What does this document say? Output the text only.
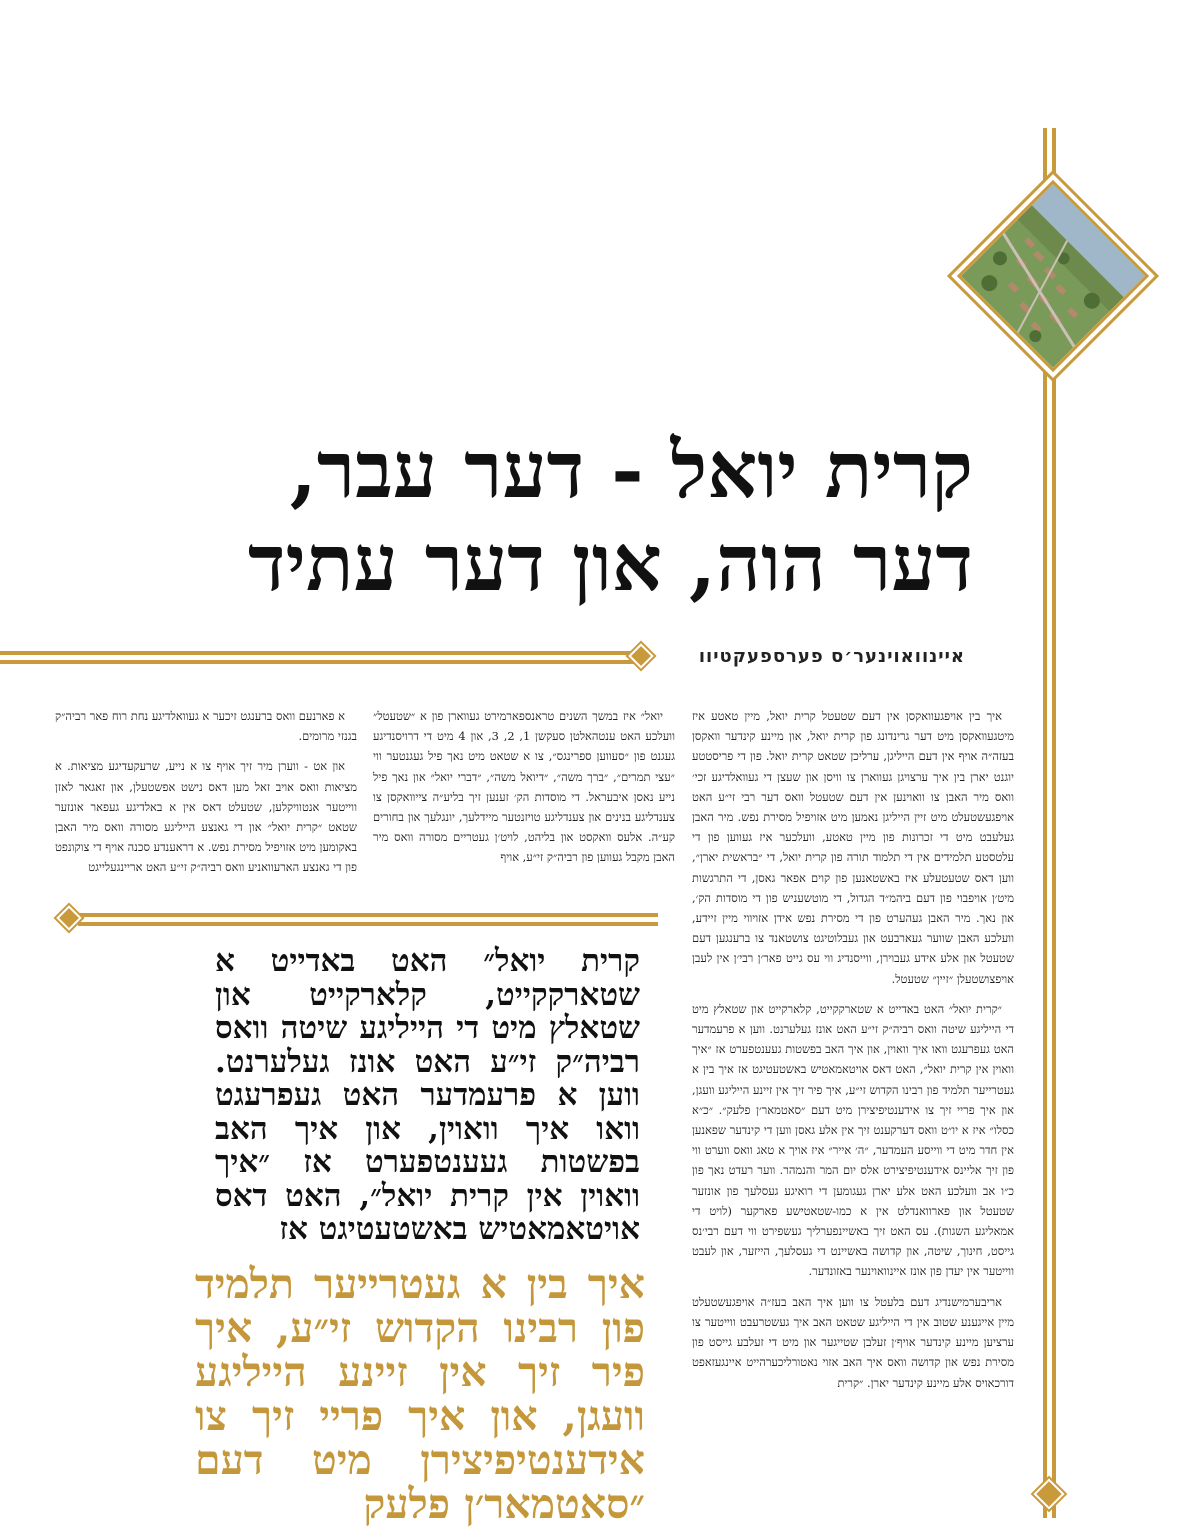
קרית יואל - דער עבר,
דער הוה, און דער עתיד
איינוואוינער׳ס פערספעקטיוו

איך בין אויפגעוואקסן אין דעם שטעטל קרית יואל, מיין טאטע איז מיטגעוואקסן מיט דער גרינדונג פון קרית יואל, און מיינע קינדער וואקסן בעזה״ה אויף אין דעם הייליגן, ערליכן שטאט קרית יואל. פון די פריסטטע יוגנט יארן בין איך ערצויגן געווארן צו וויסן און שעצן די געוואלדיגע זכי׳ וואס מיר האבן צו וואוינען אין דעם שטעטל וואס דער רבי זי״ע האט אויפגעשטעלט מיט זיין הייליגן נאמען מיט אזויפיל מסירת נפש. מיר האבן געלעבט מיט די זכרונות פון מיין טאטע, וועלכער איז געווען פון די עלטסטע תלמידים אין די תלמוד תורה פון קרית יואל, די ״בראשית יארן״, ווען דאס שטעטעלע איז באשטאנען פון קוים אפאר גאסן, די התרגשות מיט׳ן אויפבוי פון דעם ביהמ״ד הגדול, די מוטשעניש פון די מוסדות הק׳, און נאך. מיר האבן געהערט פון די מסירת נפש אידן אזויווי מיין זיידע, וועלכע האבן שווער געארבעט און געבלוטיגט צושטאנד צו ברענגען דעם שטעטל און אלע אידע געבוירן, ווייסנדיג ווי עס גייט פאר׳ן רבי׳ן אין לעבן אויפצושטעלן ״זיין״ שטעטל.

״קרית יואל״ האט באדייט א שטארקקייט, קלארקייט און שטאלץ מיט די הייליגע שיטה וואס רביה״ק זי״ע האט אונז געלערנט. ווען א פרעמדער האט געפרעגט וואו איך וואוין, און איך האב בפשטות געענטפערט אז ״איך וואוין אין קרית יואל״, האט דאס אויטאמאטיש באשטעטיגט אז איך בין א געטרייער תלמיד פון רבינו הקדוש זי״ע, איך פיר זיך אין זיינע הייליגע וועגן, און איך פריי זיך צו אידענטיפיצירן מיט דעם ״סאטמאר׳ן פלעק״. ״כ״א כסלו״ איז א יו״ט וואס דערקענט זיך אין אלע גאסן ווען די קינדער שפאנען אין חדר מיט די ווייסע העמדער, ״ה׳ אייר״ איז אויך א טאג וואס ווערט ווי פון זיך אליינס אידענטיפיצירט אלס יום המר והנמהר. ווער רעדט נאך פון כ״ו אב וועלכע האט אלע יארן געגומען די רואיגע געסלעך פון אונזער שטעטל און פארוואנדלט אין א כמו-שטאטישע פארקער (לויט די אמאליגע השגות). עס האט זיך באשיינפערליך געשפירט ווי דעם רבי׳נס גייסט, חינוך, שיטה, און קדושה באשיינט די געסלעך, הייזער, און לעבט ווייטער אין יעדן פון אונז איינוואוינער באזונדער.

אריבערמישנדיג דעם בלעטל צו ווען איך האב בעז״ה אויפגעשטעלט מיין אייגענע שטוב אין די הייליגע שטאט האב איך געשטרעבט ווייטער צו ערציען מיינע קינדער אויף׳ן זעלבן שטייגער און מיט די זעלבע גייסט פון מסירת נפש און קדושה וואס איך האב אזוי נאטורליכערהייט איינגעזאפט דורכאויס אלע מיינע קינדער יארן. ״קרית

יואל״ איז במשך השנים טראנספארמירט געווארן פון א ״שטעטל״ וועלכע האט ענטהאלטן סעקשן 1, 2, 3, און 4 מיט די דרויסנדיגע געגנט פון ״סעווען ספרינגס״, צו א שטאט מיט נאך פיל געגנטער ווי ״עצי תמרים״, ״ברך משה״, ״דיואל משה״, ״דברי יואל״ און נאך פיל נייע נאסן איבעראל. די מוסדות הק׳ זענען זיך בליע״ה צייוואקסן צו צענדליגע בנינים און צענדליגע טויזנטער מיידלעך, יונגלעך און בחורים קע״ה. אלעס וואקסט און בליהט, לויט׳ן געטריים מסורה וואס מיר האבן מקבל געווען פון רביה״ק זי״ע, אויף

א פארנעם וואס ברענגט זיכער א געוואלדיגע נחת רוח פאר רביה״ק בגנזי מרומים.

און אט - ווערן מיר זיך אויף צו א נייע, שרעקעדיגע מציאות. א מציאות וואס אויב זאל מען דאס נישט אפשטעלן, און זאגאר לאזן ווייטער אנטוויקלען, שטעלט דאס אין א באלדיגע געפאר אונזער שטאט ״קרית יואל״ און די גאנצע הייליגע מסורה וואס מיר האבן באקומען מיט אזויפיל מסירת נפש. א דראענדע סכנה אויף די צוקונפט פון די גאנצע הארעוואניע וואס רביה״ק זי״ע האט אריינגעלייגט

קרית יואל״ האט באדייט א שטארקקייט, קלארקייט און שטאלץ מיט די הייליגע שיטה וואס רביה״ק זי״ע האט אונז געלערנט. ווען א פרעמדער האט געפרעגט וואו איך וואוין, און איך האב בפשטות געענטפערט אז ״איך וואוין אין קרית יואל״, האט דאס אויטאמאטיש באשטעטיגט אז
איך בין א געטרייער תלמיד פון רבינו הקדוש זי״ע, איך פיר זיך אין זיינע הייליגע וועגן, און איך פריי זיך צו אידענטיפיצירן מיט דעם ״סאטמאר׳ן פלעק
